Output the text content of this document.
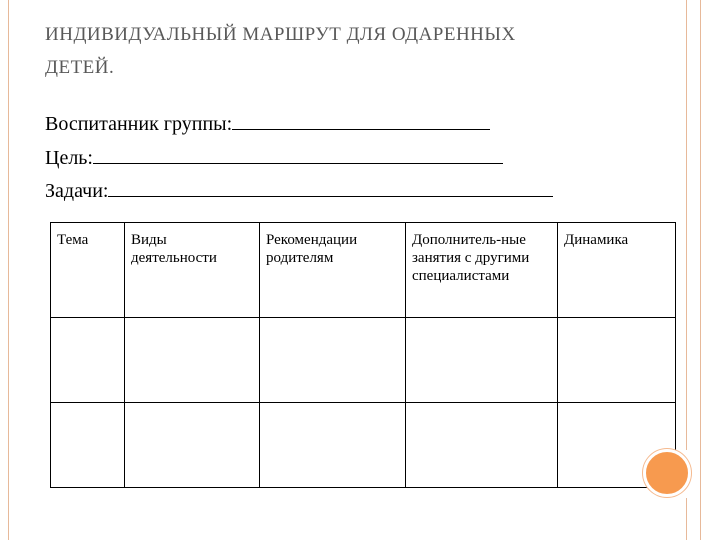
ИНДИВИДУАЛЬНЫЙ МАРШРУТ ДЛЯ ОДАРЕННЫХ
ДЕТЕЙ.
Воспитанник группы:
Цель:
Задачи:
Тема	Виды деятельности	Рекомендации родителям	Дополнитель-ные занятия с другими специалистами	Динамика
